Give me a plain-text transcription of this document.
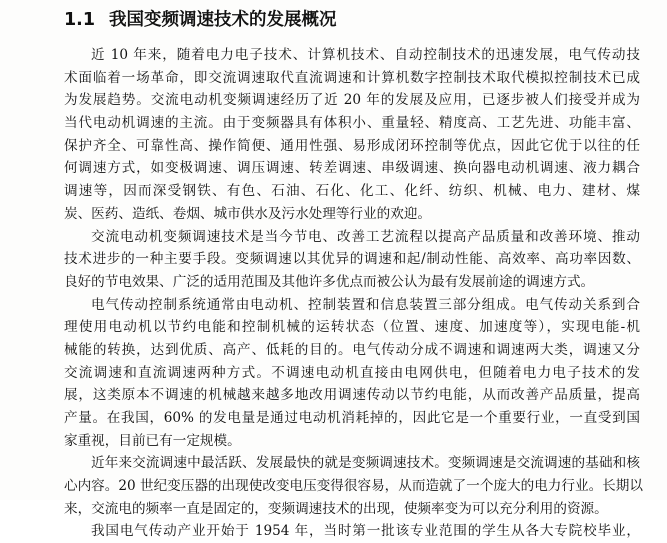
1.1 我国变频调速技术的发展概况
近 10 年来，随着电力电子技术、计算机技术、自动控制技术的迅速发展，电气传动技
术面临着一场革命，即交流调速取代直流调速和计算机数字控制技术取代模拟控制技术已成
为发展趋势。交流电动机变频调速经历了近 20 年的发展及应用，已逐步被人们接受并成为
当代电动机调速的主流。由于变频器具有体积小、重量轻、精度高、工艺先进、功能丰富、
保护齐全、可靠性高、操作简便、通用性强、易形成闭环控制等优点，因此它优于以往的任
何调速方式，如变极调速、调压调速、转差调速、串级调速、换向器电动机调速、液力耦合
调速等，因而深受钢铁、有色、石油、石化、化工、化纤、纺织、机械、电力、建材、煤
炭、医药、造纸、卷烟、城市供水及污水处理等行业的欢迎。
交流电动机变频调速技术是当今节电、改善工艺流程以提高产品质量和改善环境、推动
技术进步的一种主要手段。变频调速以其优异的调速和起/制动性能、高效率、高功率因数、
良好的节电效果、广泛的适用范围及其他许多优点而被公认为最有发展前途的调速方式。
电气传动控制系统通常由电动机、控制装置和信息装置三部分组成。电气传动关系到合
理使用电动机以节约电能和控制机械的运转状态（位置、速度、加速度等），实现电能-机
械能的转换，达到优质、高产、低耗的目的。电气传动分成不调速和调速两大类，调速又分
交流调速和直流调速两种方式。不调速电动机直接由电网供电，但随着电力电子技术的发
展，这类原本不调速的机械越来越多地改用调速传动以节约电能，从而改善产品质量，提高
产量。在我国，60% 的发电量是通过电动机消耗掉的，因此它是一个重要行业，一直受到国
家重视，目前已有一定规模。
近年来交流调速中最活跃、发展最快的就是变频调速技术。变频调速是交流调速的基础和核
心内容。20 世纪变压器的出现使改变电压变得很容易，从而造就了一个庞大的电力行业。长期以
来，交流电的频率一直是固定的，变频调速技术的出现，使频率变为可以充分利用的资源。
我国电气传动产业开始于 1954 年，当时第一批该专业范围的学生从各大专院校毕业，
